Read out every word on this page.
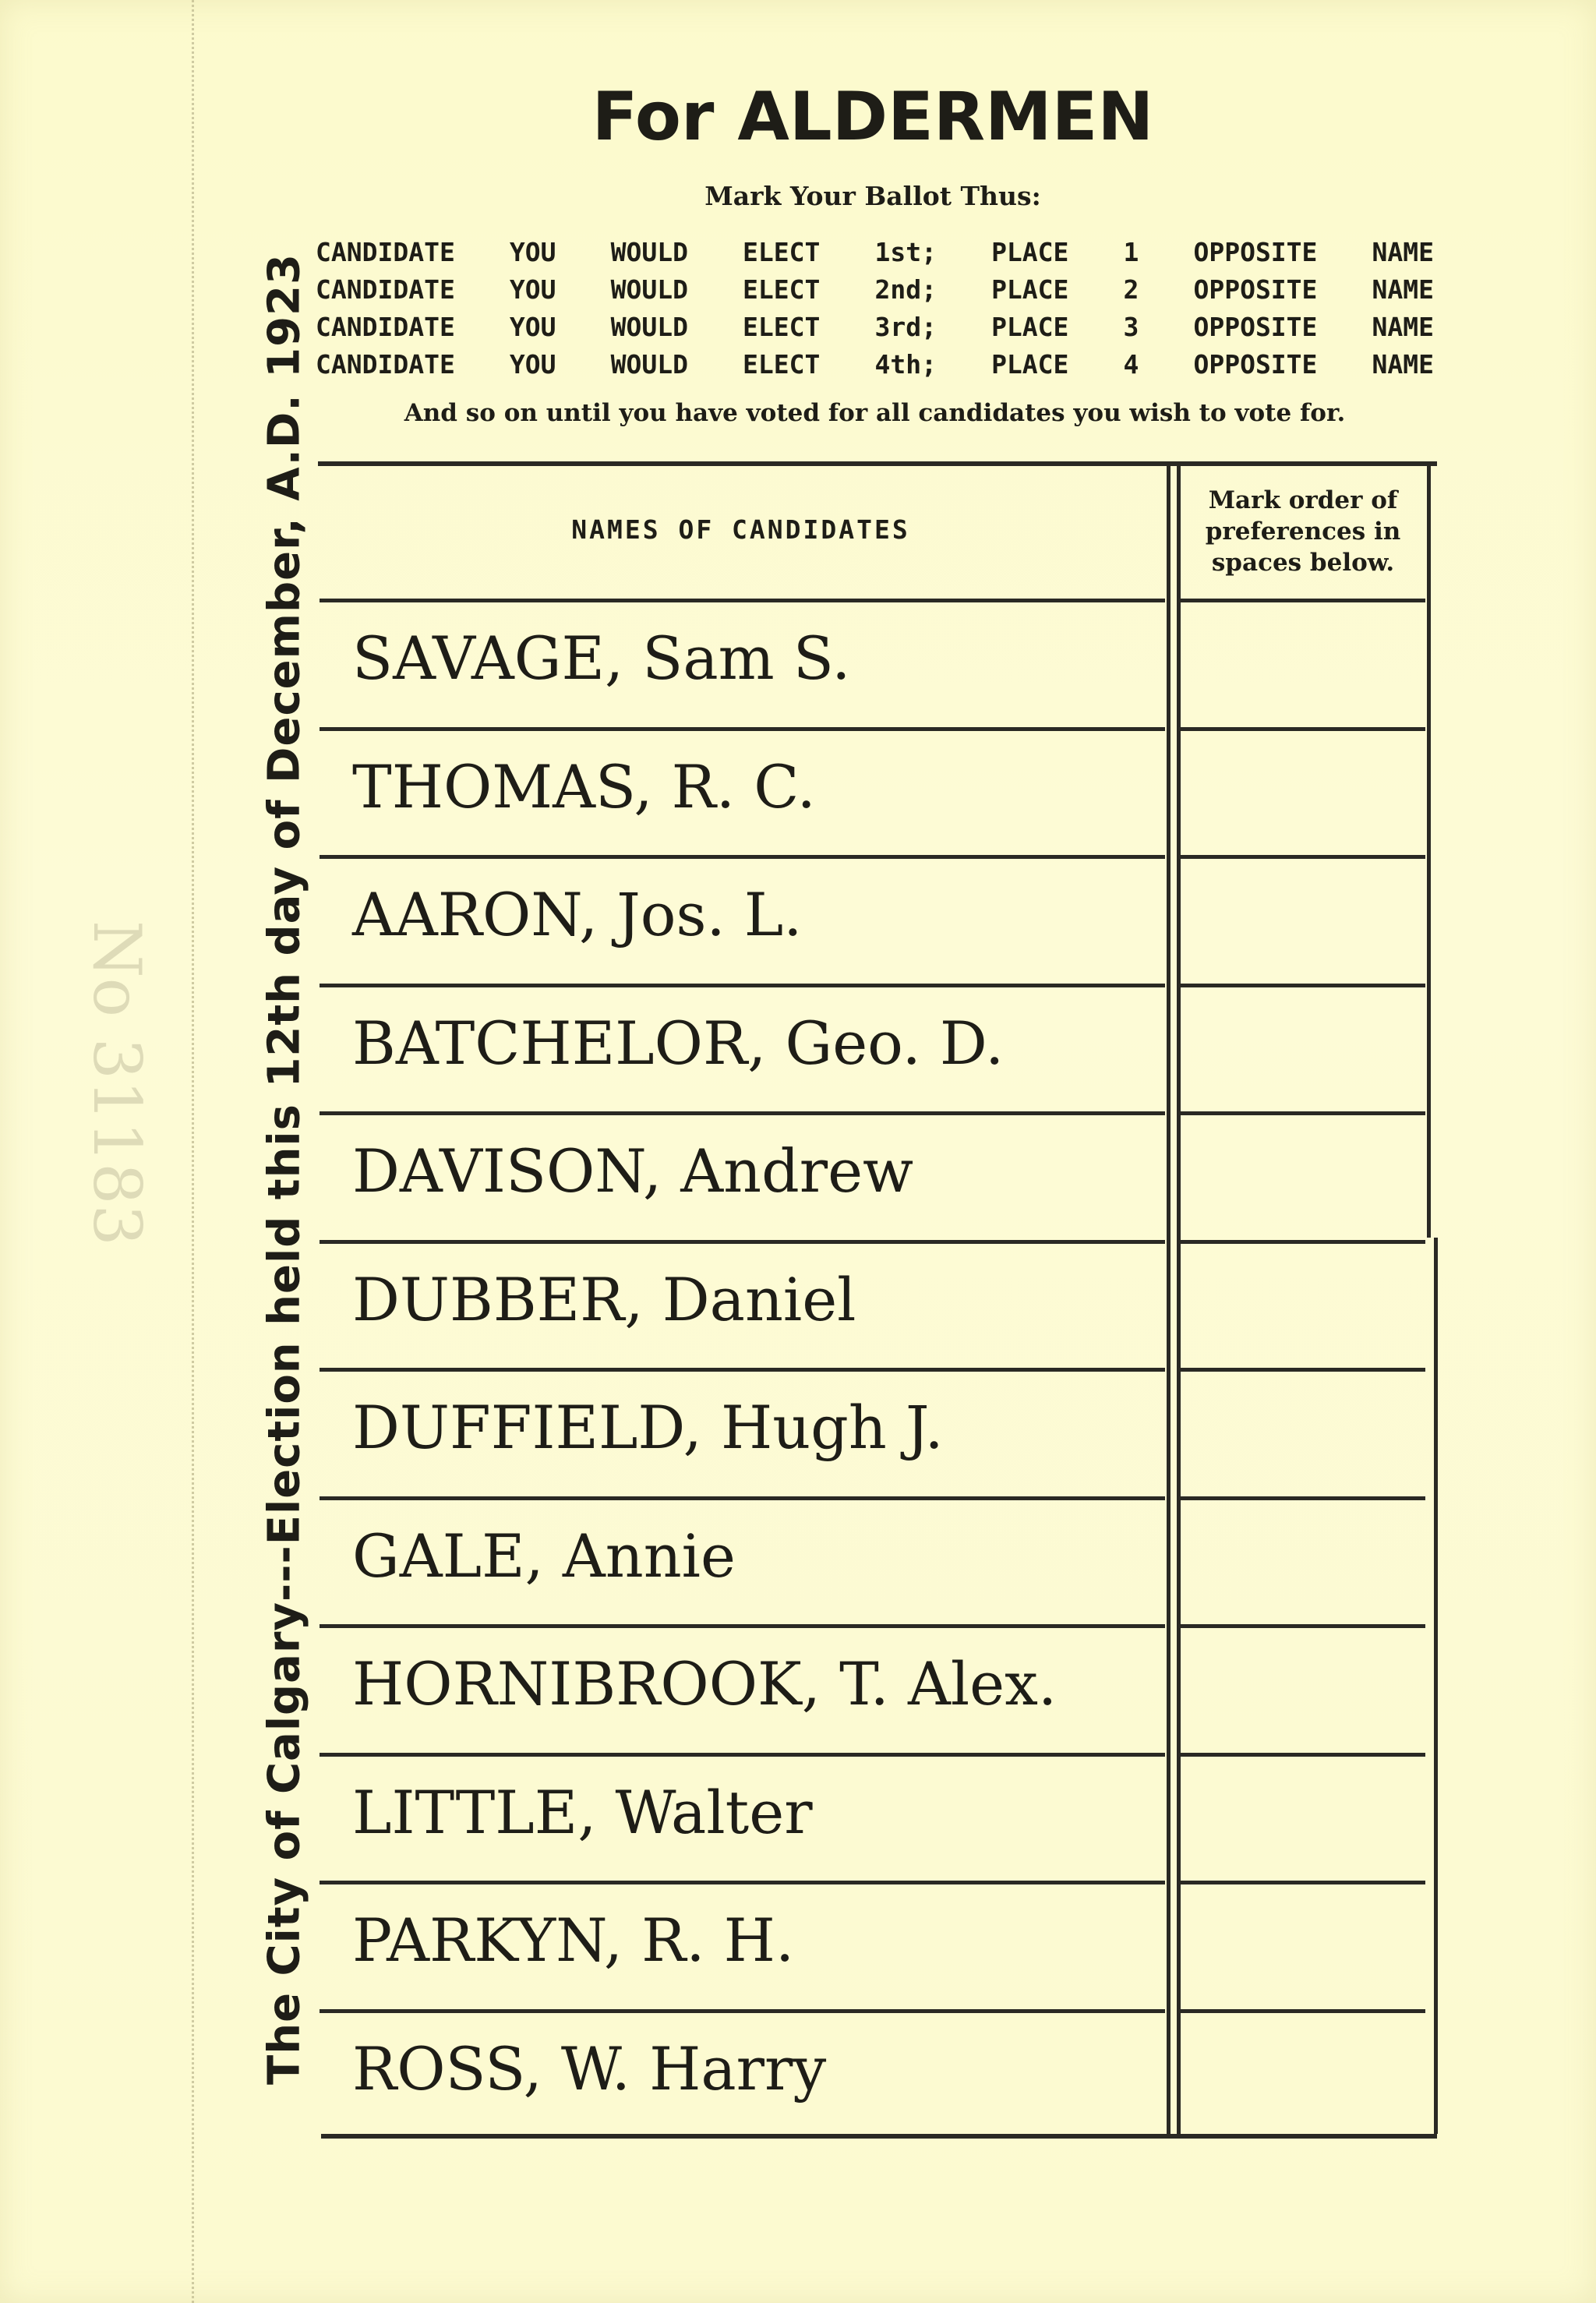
No 31183 The City of Calgary---Election held this 12th day of December, A.D. 1923
For ALDERMEN
Mark Your Ballot Thus:
CANDIDATE YOU WOULD ELECT 1st; PLACE 1 OPPOSITE NAME
CANDIDATE YOU WOULD ELECT 2nd; PLACE 2 OPPOSITE NAME
CANDIDATE YOU WOULD ELECT 3rd; PLACE 3 OPPOSITE NAME
CANDIDATE YOU WOULD ELECT 4th; PLACE 4 OPPOSITE NAME
And so on until you have voted for all candidates you wish to vote for.
NAMES OF CANDIDATES
Mark order of
preferences in
spaces below.
SAVAGE, Sam S.
THOMAS, R. C.
AARON, Jos. L.
BATCHELOR, Geo. D.
DAVISON, Andrew
DUBBER, Daniel
DUFFIELD, Hugh J.
GALE, Annie
HORNIBROOK, T. Alex.
LITTLE, Walter
PARKYN, R. H.
ROSS, W. Harry
